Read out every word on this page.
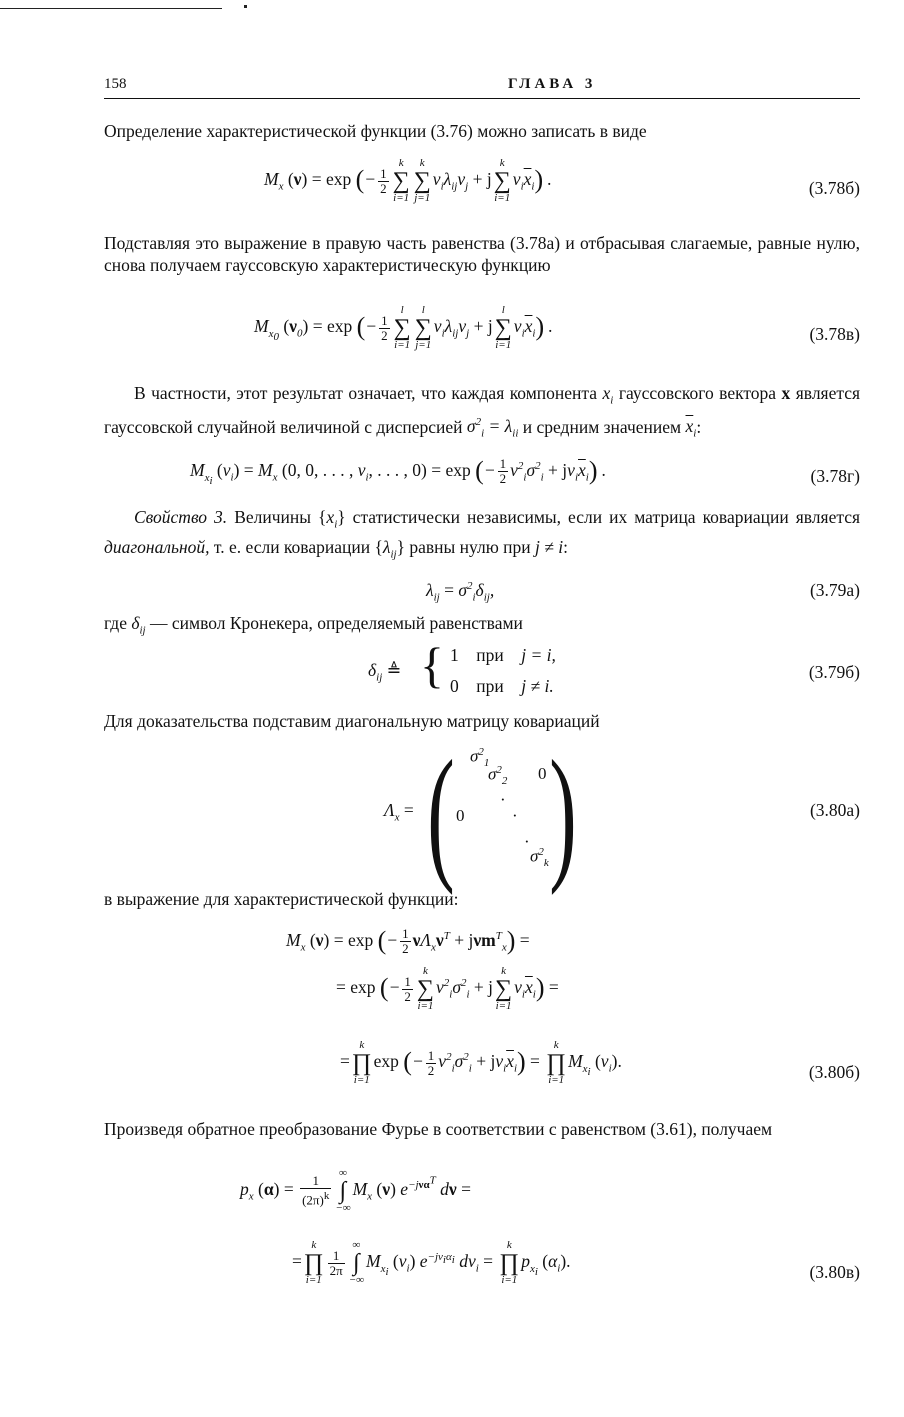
158	ГЛАВА 3

Определение характеристической функции (3.76) можно записать в виде

$M_x$ (ν) = exp (− $\frac{1}{2}$
k
∑
i=1
k
∑
j=1
$\nu_i\lambda_{ij}\nu_j + j$
k
∑
i=1
$\nu_i\overline{x}_i$) .	(3.78б)

Подставляя это выражение в правую часть равенства (3.78а) и отбрасывая слагаемые, равные нулю, снова получаем гауссовскую характеристическую функцию

$M_{x_0}$ $(\nu_0) = \exp$ (− $\frac{1}{2}$
l
∑
i=1
l
∑
j=1
$\nu_i\lambda_{ij}\nu_j + j$
l
∑
i=1
$\nu_i\overline{x}_i$) .	(3.78в)

В частности, этот результат означает, что каждая компонента $x_i$ гауссовского вектора x является гауссовской случайной величиной с дисперсией $\sigma^2_i = \lambda_{ii}$ и средним значением $\overline{x}_i$:

$M_{x_i}$ $(\nu_i) = M_x$ (0, 0, . . . , $\nu_i$, . . . , 0) = exp (− $\frac{1}{2} \nu^2_i\sigma^2_i + j\nu_i\overline{x}_i$) .	(3.78г)

Свойство 3. Величины $\{x_i\}$ статистически независимы, если их матрица ковариации является диагональной, т. е. если ковариации $\{\lambda_{ij}\}$ равны нулю при j ≠ i:

$\lambda_{ij} = \sigma^2_i\delta_{ij}$,	(3.79а)

где $\delta_{ij}$ — символ Кронекера, определяемый равенствами

$\delta_{ij}$ ≜ { 1    при j = i,
0    при j ≠ i.
(3.79б)

Для доказательства подставим диагональную матрицу ковариаций

$\Lambda_x$ = ( )
$\sigma^2_1$
$\sigma^2_2$ 0
·
·
0
·
$\sigma^2_k$
(3.80а)

в выражение для характеристической функции:

$M_x$ (ν) = exp (− $\frac{1}{2} \nu\Lambda_x\nu^T + j\nu m^T_x$) =
= exp (− $\frac{1}{2}$
k
∑
i=1
$\nu^2_i\sigma^2_i + j$
k
∑
i=1
$\nu_i\overline{x}_i$) =
=
k
∏
i=1
exp (− $\frac{1}{2} \nu^2_i\sigma^2_i + j\nu_i\overline{x}_i$) =
k
∏
i=1
$M_{x_i}$ $(\nu_i)$.
(3.80б)

Произведя обратное преобразование Фурье в соответствии с равенством (3.61), получаем

$p_x$ $(\alpha) = \frac{1}{(2\pi)^k}$
∞
∫
−∞
$M_x$ (ν) $e^{-j\nu\alpha^T}$ dν =
=
k
∏
i=1
$\frac{1}{2\pi}$
∞
∫
−∞
$M_{x_i}$ $(\nu_i)$ $e^{-j\nu_i\alpha_i}$ $d\nu_i$ =
k
∏
i=1
$p_{x_i}$ $(\alpha_i)$.
(3.80в)
